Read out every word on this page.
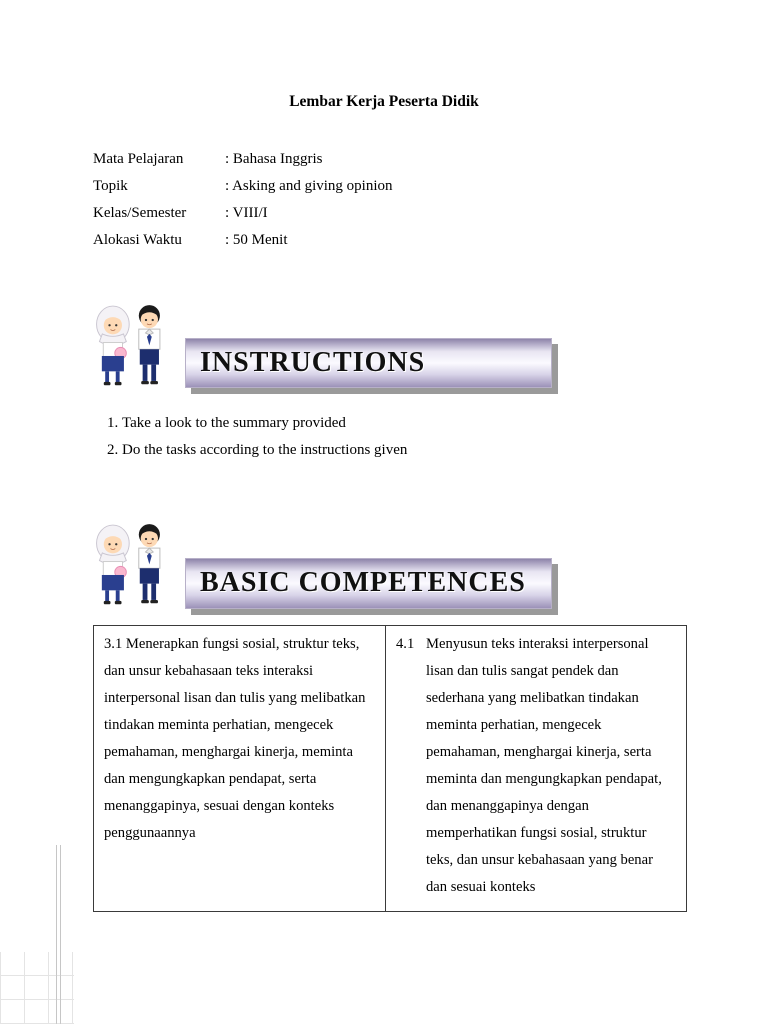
Lembar Kerja Peserta Didik
Mata Pelajaran	: Bahasa Inggris
Topik	: Asking and giving opinion
Kelas/Semester	: VIII/I
Alokasi Waktu	: 50 Menit
INSTRUCTIONS
1. Take a look to the summary provided
2. Do the tasks according to the instructions given
BASIC COMPETENCES
3.1 Menerapkan fungsi sosial, struktur teks, dan unsur kebahasaan teks interaksi interpersonal lisan dan tulis yang melibatkan tindakan meminta perhatian, mengecek pemahaman, menghargai kinerja, meminta dan mengungkapkan pendapat, serta menanggapinya, sesuai dengan konteks penggunaannya
4.1 Menyusun teks interaksi interpersonal lisan dan tulis sangat pendek dan sederhana yang melibatkan tindakan meminta perhatian, mengecek pemahaman, menghargai kinerja, serta meminta dan mengungkapkan pendapat, dan menanggapinya dengan memperhatikan fungsi sosial, struktur teks, dan unsur kebahasaan yang benar dan sesuai konteks
